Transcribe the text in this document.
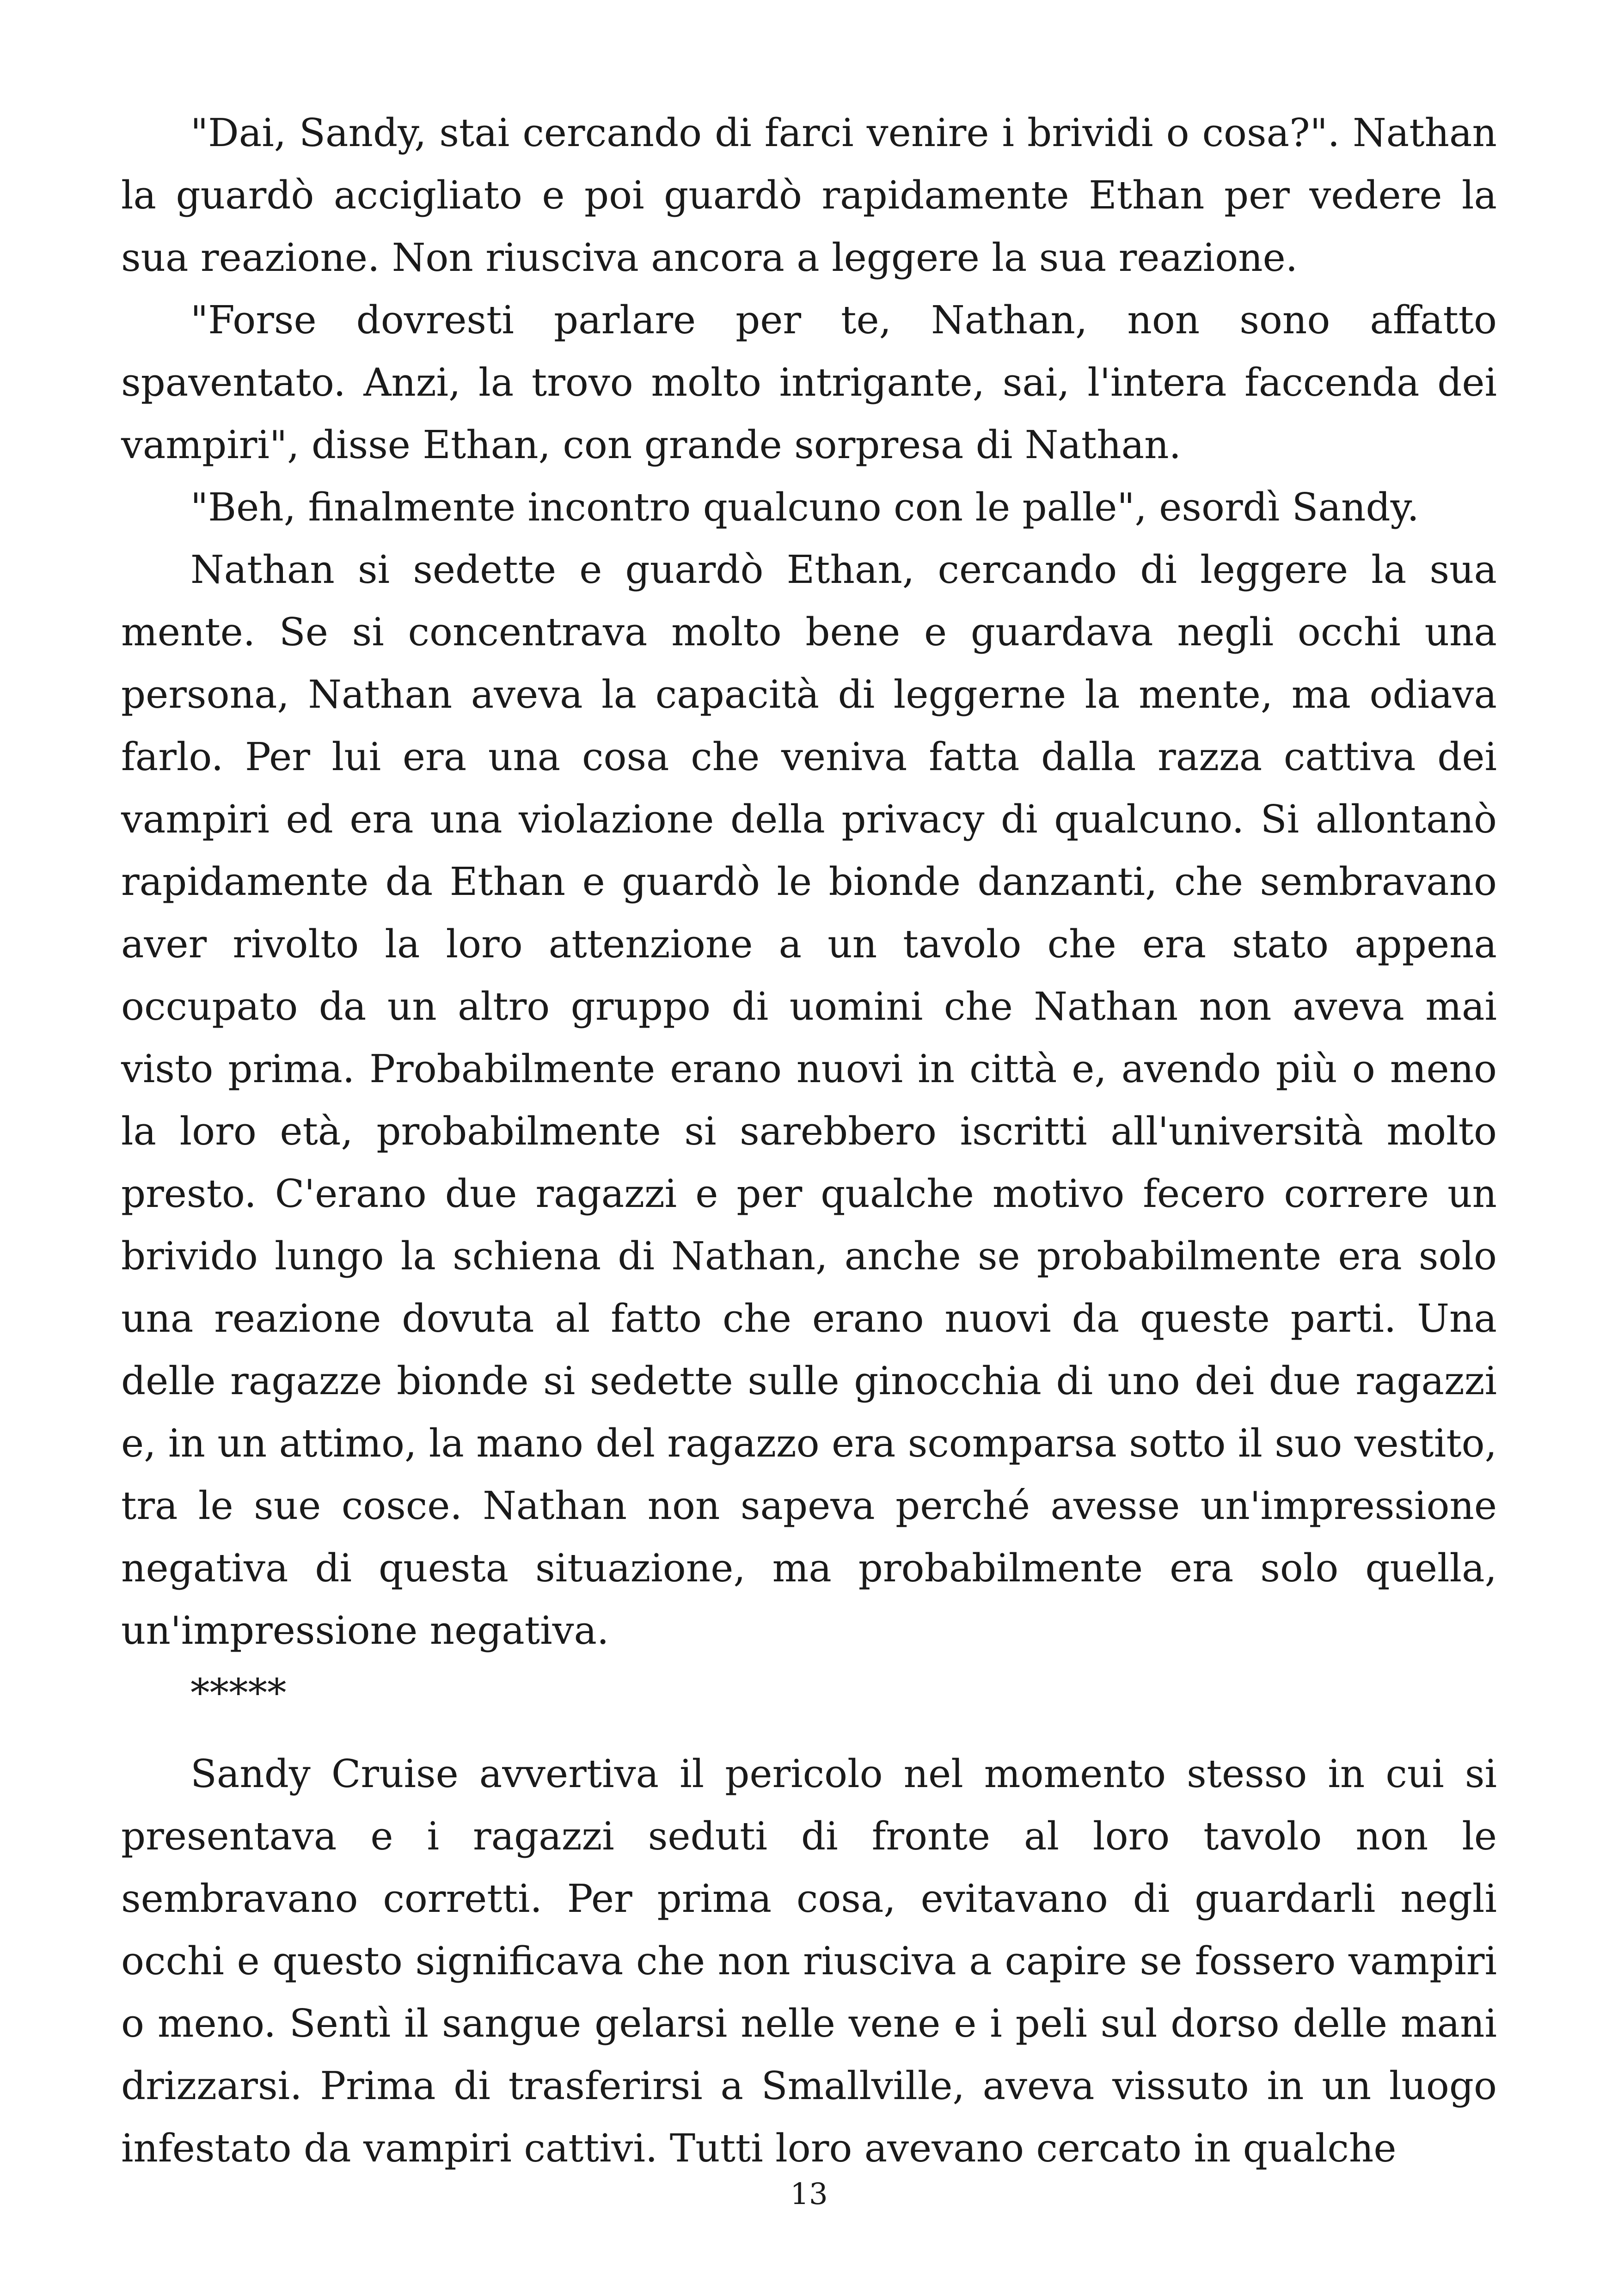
"Dai, Sandy, stai cercando di farci venire i brividi o cosa?". Nathan la guardò accigliato e poi guardò rapidamente Ethan per vedere la sua reazione. Non riusciva ancora a leggere la sua reazione.

"Forse dovresti parlare per te, Nathan, non sono affatto spaventato. Anzi, la trovo molto intrigante, sai, l'intera faccenda dei vampiri", disse Ethan, con grande sorpresa di Nathan.

"Beh, finalmente incontro qualcuno con le palle", esordì Sandy.

Nathan si sedette e guardò Ethan, cercando di leggere la sua mente. Se si concentrava molto bene e guardava negli occhi una persona, Nathan aveva la capacità di leggerne la mente, ma odiava farlo. Per lui era una cosa che veniva fatta dalla razza cattiva dei vampiri ed era una violazione della privacy di qualcuno. Si allontanò rapidamente da Ethan e guardò le bionde danzanti, che sembravano aver rivolto la loro attenzione a un tavolo che era stato appena occupato da un altro gruppo di uomini che Nathan non aveva mai visto prima. Probabilmente erano nuovi in città e, avendo più o meno la loro età, probabilmente si sarebbero iscritti all'università molto presto. C'erano due ragazzi e per qualche motivo fecero correre un brivido lungo la schiena di Nathan, anche se probabilmente era solo una reazione dovuta al fatto che erano nuovi da queste parti. Una delle ragazze bionde si sedette sulle ginocchia di uno dei due ragazzi e, in un attimo, la mano del ragazzo era scomparsa sotto il suo vestito, tra le sue cosce. Nathan non sapeva perché avesse un'impressione negativa di questa situazione, ma probabilmente era solo quella, un'impressione negativa.

*****

Sandy Cruise avvertiva il pericolo nel momento stesso in cui si presentava e i ragazzi seduti di fronte al loro tavolo non le sembravano corretti. Per prima cosa, evitavano di guardarli negli occhi e questo significava che non riusciva a capire se fossero vampiri o meno. Sentì il sangue gelarsi nelle vene e i peli sul dorso delle mani drizzarsi. Prima di trasferirsi a Smallville, aveva vissuto in un luogo infestato da vampiri cattivi. Tutti loro avevano cercato in qualche

13
